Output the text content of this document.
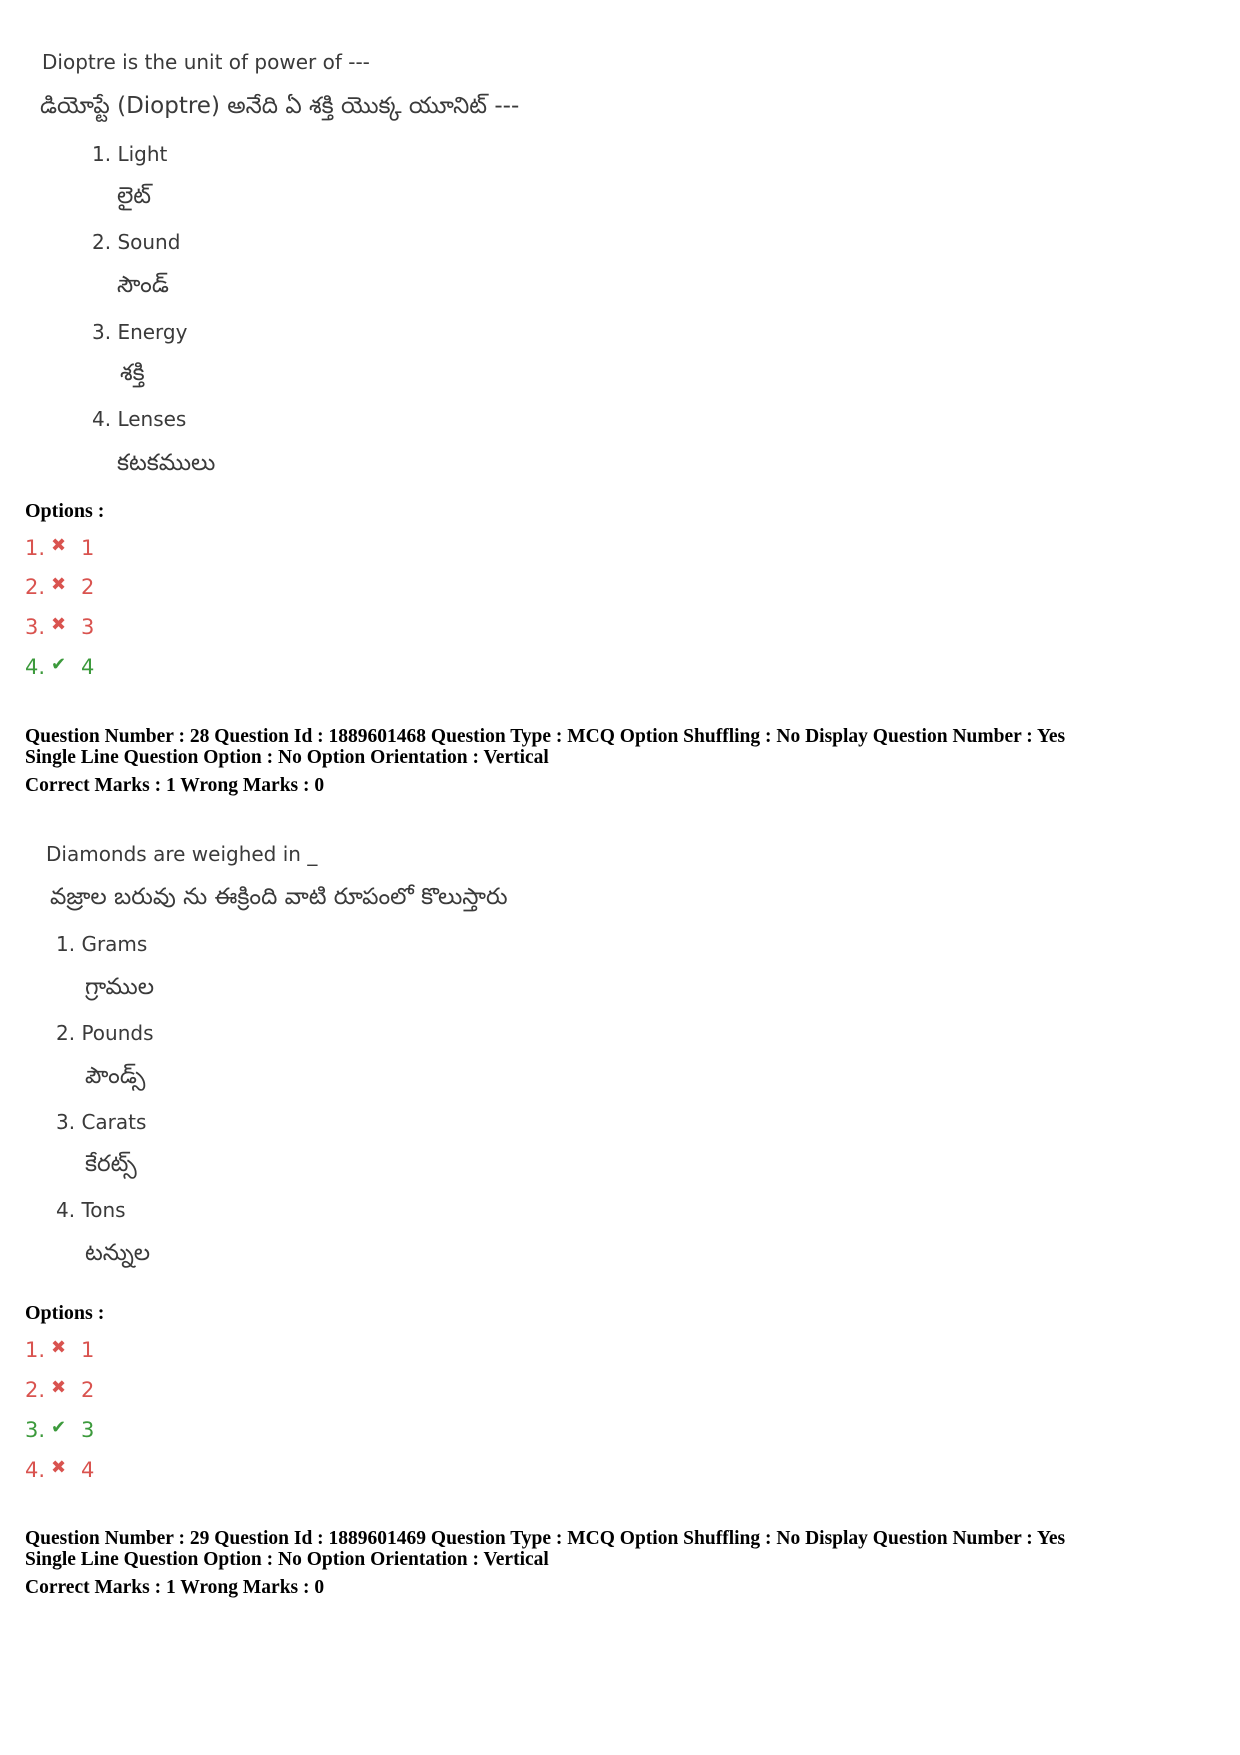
Dioptre is the unit of power of ---
డియోప్టే (Dioptre) అనేది ఏ శక్తి యొక్క యూనిట్ ---
1. Light
లైట్
2. Sound
సౌండ్
3. Energy
శక్తి
4. Lenses
కటకములు
Options :
1. ✖ 1
2. ✖ 2
3. ✖ 3
4. ✔ 4
Question Number : 28 Question Id : 1889601468 Question Type : MCQ Option Shuffling : No Display Question Number : Yes
Single Line Question Option : No Option Orientation : Vertical
Correct Marks : 1 Wrong Marks : 0
Diamonds are weighed in _
వజ్రాల బరువు ను ఈక్రింది వాటి రూపంలో కొలుస్తారు
1. Grams
గ్రాముల
2. Pounds
పౌండ్స్
3. Carats
కేరట్స్
4. Tons
టన్నుల
Options :
1. ✖ 1
2. ✖ 2
3. ✔ 3
4. ✖ 4
Question Number : 29 Question Id : 1889601469 Question Type : MCQ Option Shuffling : No Display Question Number : Yes
Single Line Question Option : No Option Orientation : Vertical
Correct Marks : 1 Wrong Marks : 0
